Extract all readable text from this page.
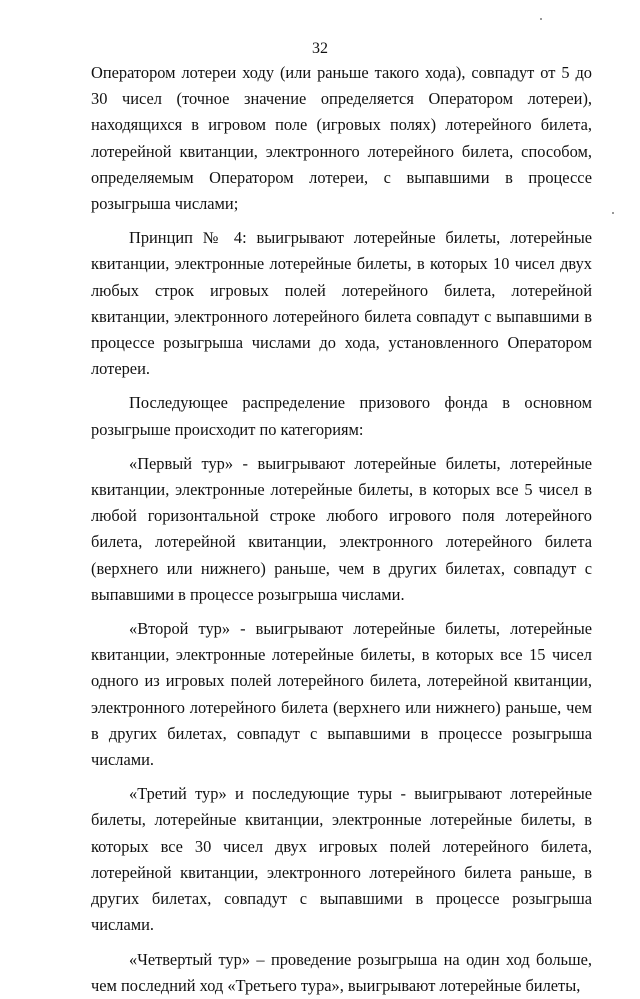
32

Оператором лотереи ходу (или раньше такого хода), совпадут от 5 до 30 чисел (точное значение определяется Оператором лотереи), находящихся в игровом поле (игровых полях) лотерейного билета, лотерейной квитанции, электронного лотерейного билета, способом, определяемым Оператором лотереи, с выпавшими в процессе розыгрыша числами;

Принцип № 4: выигрывают лотерейные билеты, лотерейные квитанции, электронные лотерейные билеты, в которых 10 чисел двух любых строк игровых полей лотерейного билета, лотерейной квитанции, электронного лотерейного билета совпадут с выпавшими в процессе розыгрыша числами до хода, установленного Оператором лотереи.

Последующее распределение призового фонда в основном розыгрыше происходит по категориям:

«Первый тур» - выигрывают лотерейные билеты, лотерейные квитанции, электронные лотерейные билеты, в которых все 5 чисел в любой горизонтальной строке любого игрового поля лотерейного билета, лотерейной квитанции, электронного лотерейного билета (верхнего или нижнего) раньше, чем в других билетах, совпадут с выпавшими в процессе розыгрыша числами.

«Второй тур» - выигрывают лотерейные билеты, лотерейные квитанции, электронные лотерейные билеты, в которых все 15 чисел одного из игровых полей лотерейного билета, лотерейной квитанции, электронного лотерейного билета (верхнего или нижнего) раньше, чем в других билетах, совпадут с выпавшими в процессе розыгрыша числами.

«Третий тур» и последующие туры - выигрывают лотерейные билеты, лотерейные квитанции, электронные лотерейные билеты, в которых все 30 чисел двух игровых полей лотерейного билета, лотерейной квитанции, электронного лотерейного билета раньше, в других билетах, совпадут с выпавшими в процессе розыгрыша числами.

«Четвертый тур» – проведение розыгрыша на один ход больше, чем последний ход «Третьего тура», выигрывают лотерейные билеты,
